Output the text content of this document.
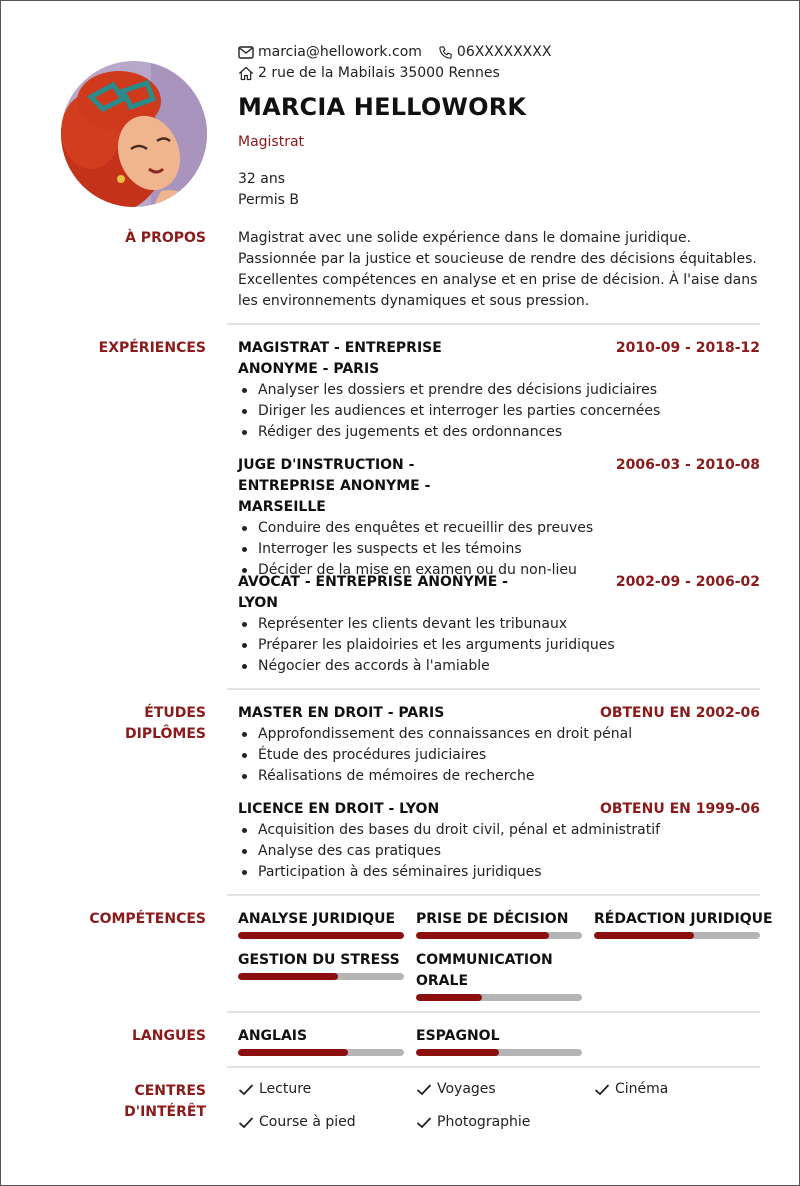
marcia@hellowork.com	06XXXXXXXX
2 rue de la Mabilais 35000 Rennes
MARCIA HELLOWORK
Magistrat
32 ans
Permis B
À PROPOS Magistrat avec une solide expérience dans le domaine juridique. Passionnée par la justice et soucieuse de rendre des décisions équitables. Excellentes compétences en analyse et en prise de décision. À l'aise dans les environnements dynamiques et sous pression.
EXPÉRIENCES MAGISTRAT - ENTREPRISE ANONYME - PARIS
2010-09 - 2018-12
Analyser les dossiers et prendre des décisions judiciaires
Diriger les audiences et interroger les parties concernées
Rédiger des jugements et des ordonnances
JUGE D'INSTRUCTION - ENTREPRISE ANONYME - MARSEILLE
2006-03 - 2010-08
Conduire des enquêtes et recueillir des preuves
Interroger les suspects et les témoins
Décider de la mise en examen ou du non-lieu
AVOCAT - ENTREPRISE ANONYME - LYON
2002-09 - 2006-02
Représenter les clients devant les tribunaux
Préparer les plaidoiries et les arguments juridiques
Négocier des accords à l'amiable
ÉTUDES
DIPLÔMES
MASTER EN DROIT - PARIS	OBTENU EN 2002-06
Approfondissement des connaissances en droit pénal
Étude des procédures judiciaires
Réalisations de mémoires de recherche
LICENCE EN DROIT - LYON	OBTENU EN 1999-06
Acquisition des bases du droit civil, pénal et administratif
Analyse des cas pratiques
Participation à des séminaires juridiques
COMPÉTENCES ANALYSE JURIDIQUE	PRISE DE DÉCISION	RÉDACTION JURIDIQUE
GESTION DU STRESS	COMMUNICATION ORALE
LANGUES ANGLAIS	ESPAGNOL
CENTRES
D'INTÉRÊT
Lecture	Voyages	Cinéma
Course à pied	Photographie
